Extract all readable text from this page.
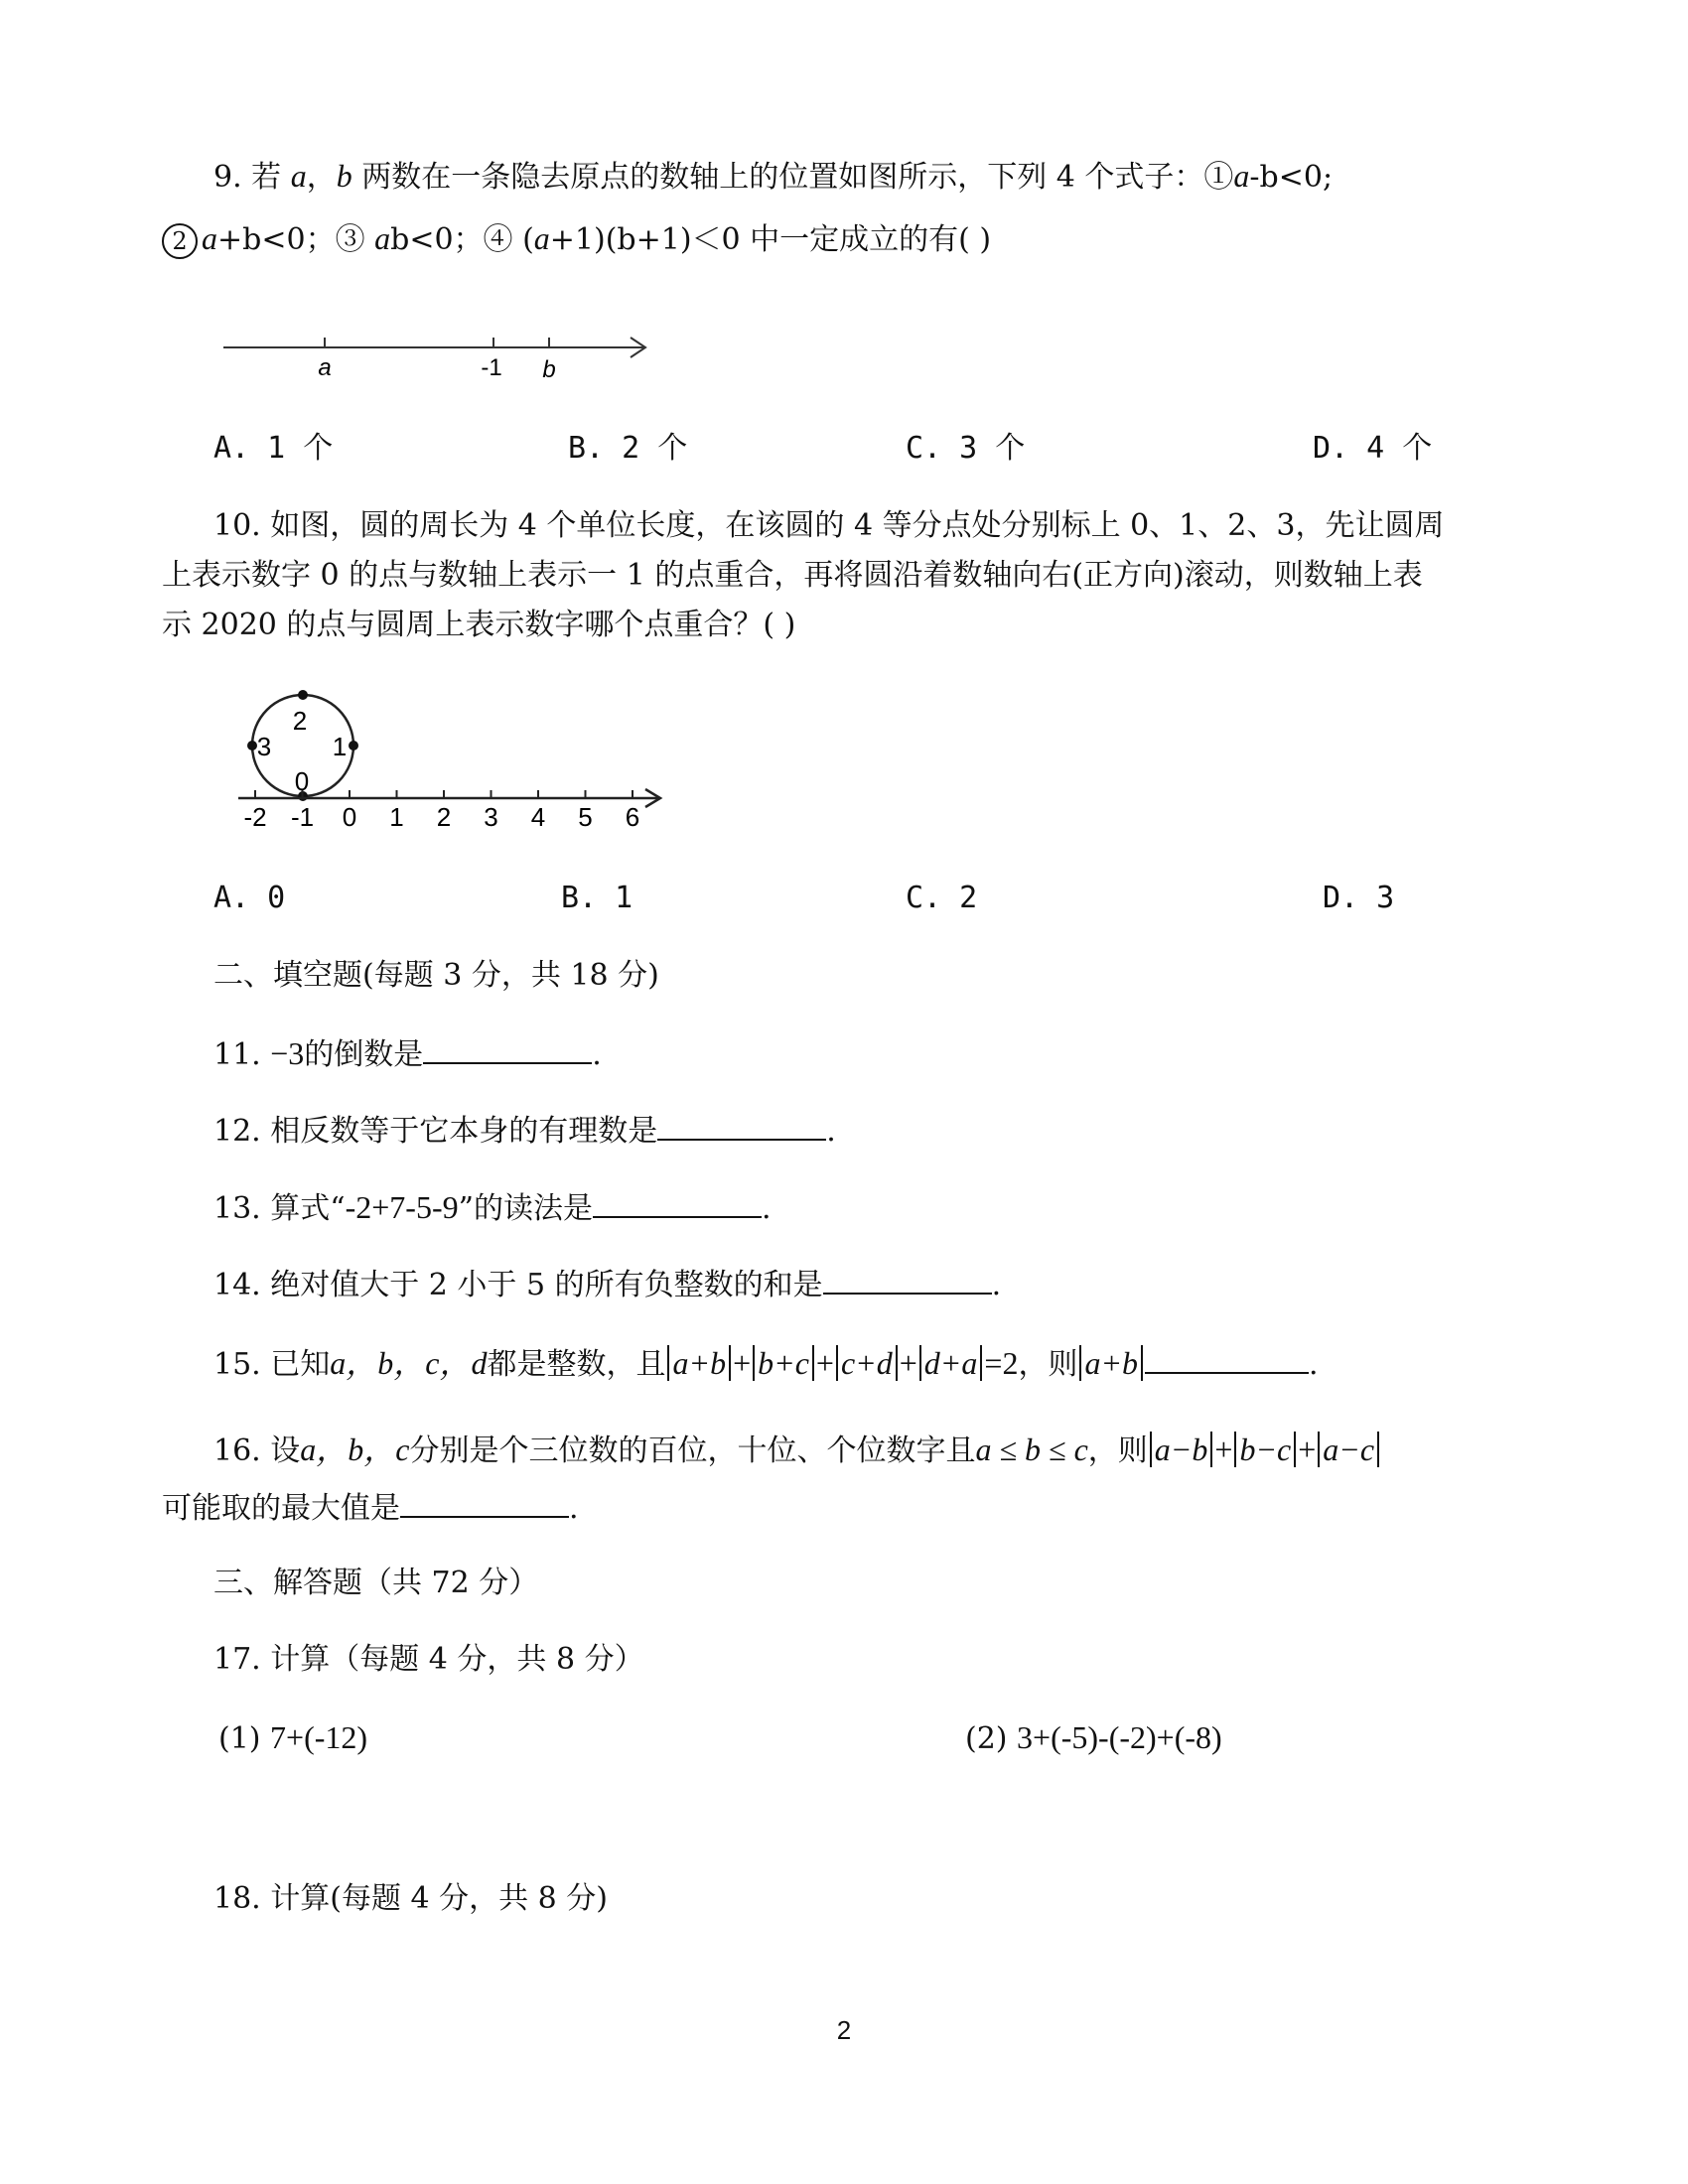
9. 若 a，b 两数在一条隐去原点的数轴上的位置如图所示，下列 4 个式子：①a-b<0;
2 a+b<0；③ ab<0；④ (a+1)(b+1)＜0 中一定成立的有( )
a	-1 b
A. 1 个	B. 2 个	C. 3 个	D. 4 个
10. 如图，圆的周长为 4 个单位长度，在该圆的 4 等分点处分别标上 0、1、2、3，先让圆周
上表示数字 0 的点与数轴上表示一 1 的点重合，再将圆沿着数轴向右(正方向)滚动，则数轴上表
示 2020 的点与圆周上表示数字哪个点重合？( )
2
3 1
0
-2 -1 0 1 2 3 4 5 6
A. 0	B. 1	C. 2	D. 3
二、填空题(每题 3 分，共 18 分)
11. −3的倒数是	.
12. 相反数等于它本身的有理数是	.
13. 算式“-2+7-5-9”的读法是	.
14. 绝对值大于 2 小于 5 的所有负整数的和是	.
15. 已知a，b，c，d都是整数，且 a+b + b+c + c+d + d+a =2，则 a+b	.
16. 设a，b，c分别是个三位数的百位，十位、个位数字且a ≤ b ≤ c，则 a−b + b−c + a−c
可能取的最大值是	.
三、解答题（共 72 分）
17. 计算（每题 4 分，共 8 分）
(1) 7+(-12)	(2) 3+(-5)-(-2)+(-8)
18. 计算(每题 4 分，共 8 分)
2
